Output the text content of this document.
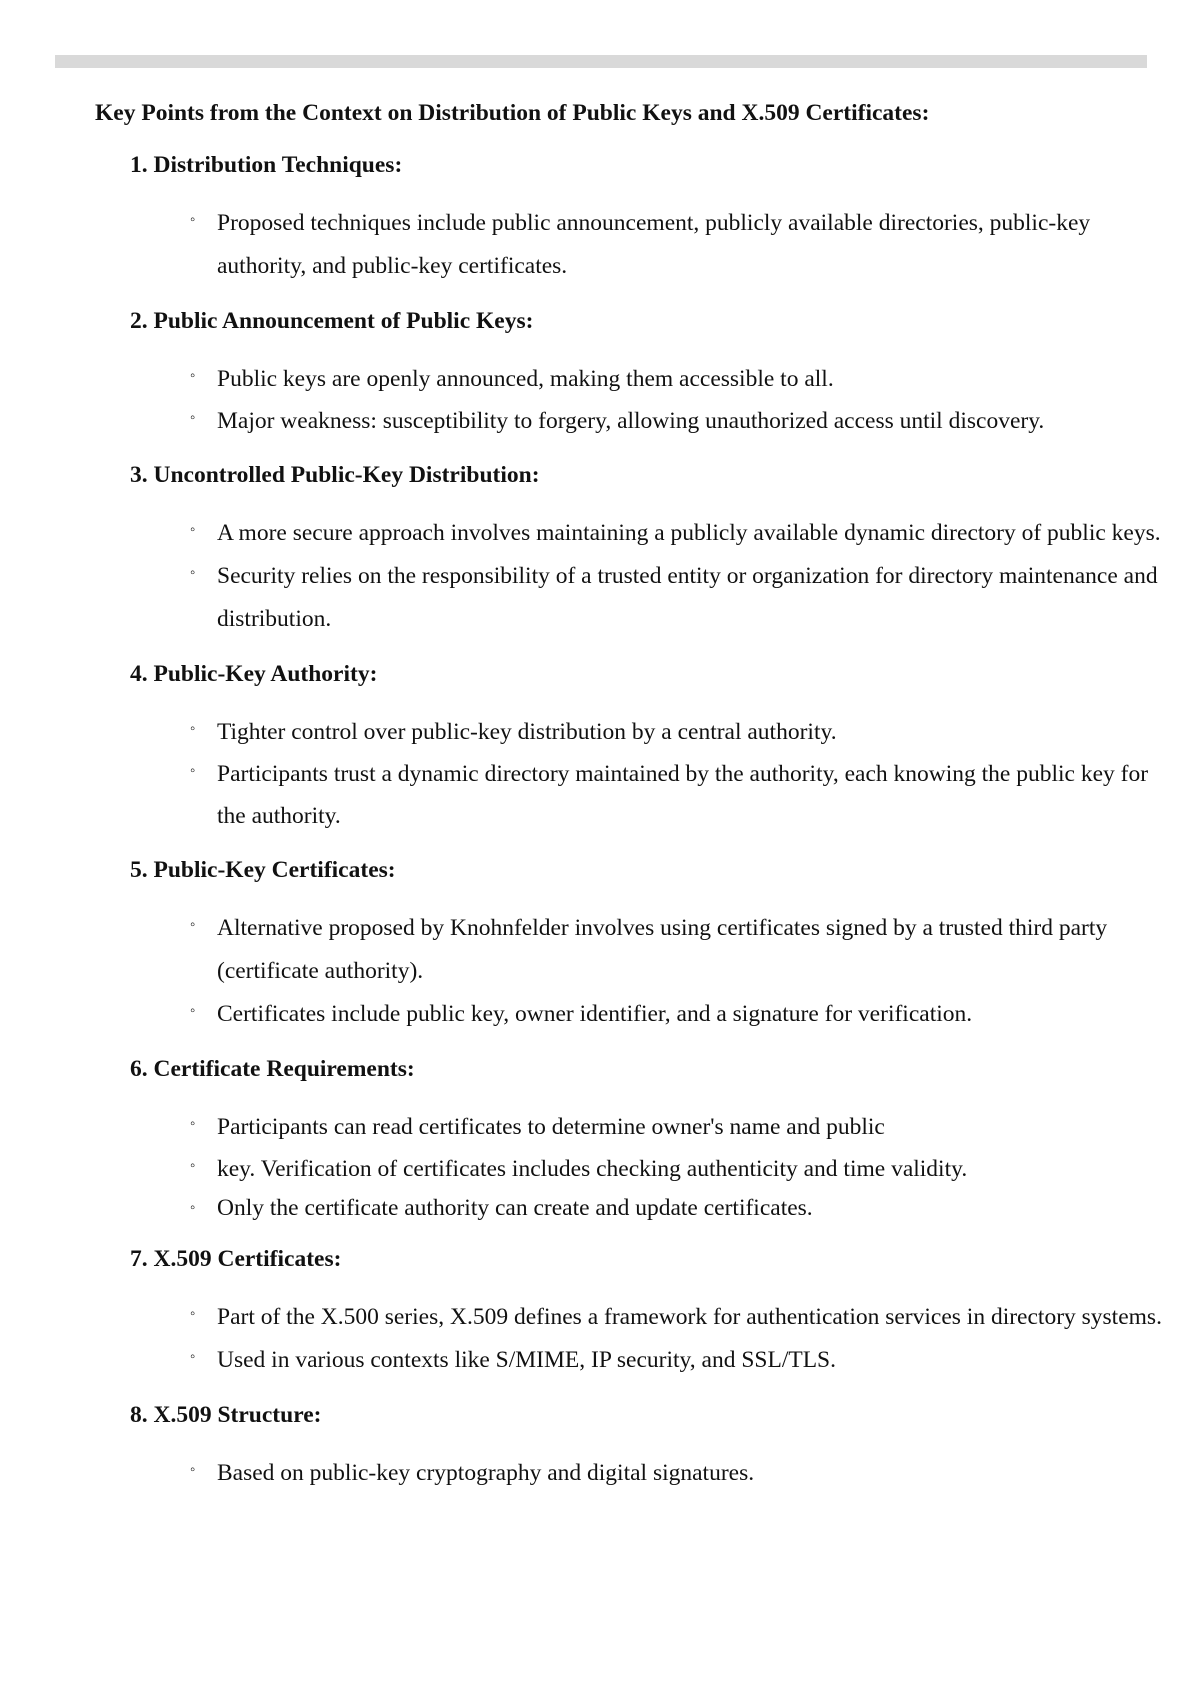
Key Points from the Context on Distribution of Public Keys and X.509 Certificates:
1. Distribution Techniques:
◦ Proposed techniques include public announcement, publicly available directories, public-key authority, and public-key certificates.
2. Public Announcement of Public Keys:
◦ Public keys are openly announced, making them accessible to all.
◦ Major weakness: susceptibility to forgery, allowing unauthorized access until discovery.
3. Uncontrolled Public-Key Distribution:
◦ A more secure approach involves maintaining a publicly available dynamic directory of public keys.
◦ Security relies on the responsibility of a trusted entity or organization for directory maintenance and distribution.
4. Public-Key Authority:
◦ Tighter control over public-key distribution by a central authority.
◦ Participants trust a dynamic directory maintained by the authority, each knowing the public key for the authority.
5. Public-Key Certificates:
◦ Alternative proposed by Knohnfelder involves using certificates signed by a trusted third party (certificate authority).
◦ Certificates include public key, owner identifier, and a signature for verification.
6. Certificate Requirements:
◦ Participants can read certificates to determine owner's name and public
◦ key. Verification of certificates includes checking authenticity and time validity.
◦ Only the certificate authority can create and update certificates.
7. X.509 Certificates:
◦ Part of the X.500 series, X.509 defines a framework for authentication services in directory systems.
◦ Used in various contexts like S/MIME, IP security, and SSL/TLS.
8. X.509 Structure:
◦ Based on public-key cryptography and digital signatures.
